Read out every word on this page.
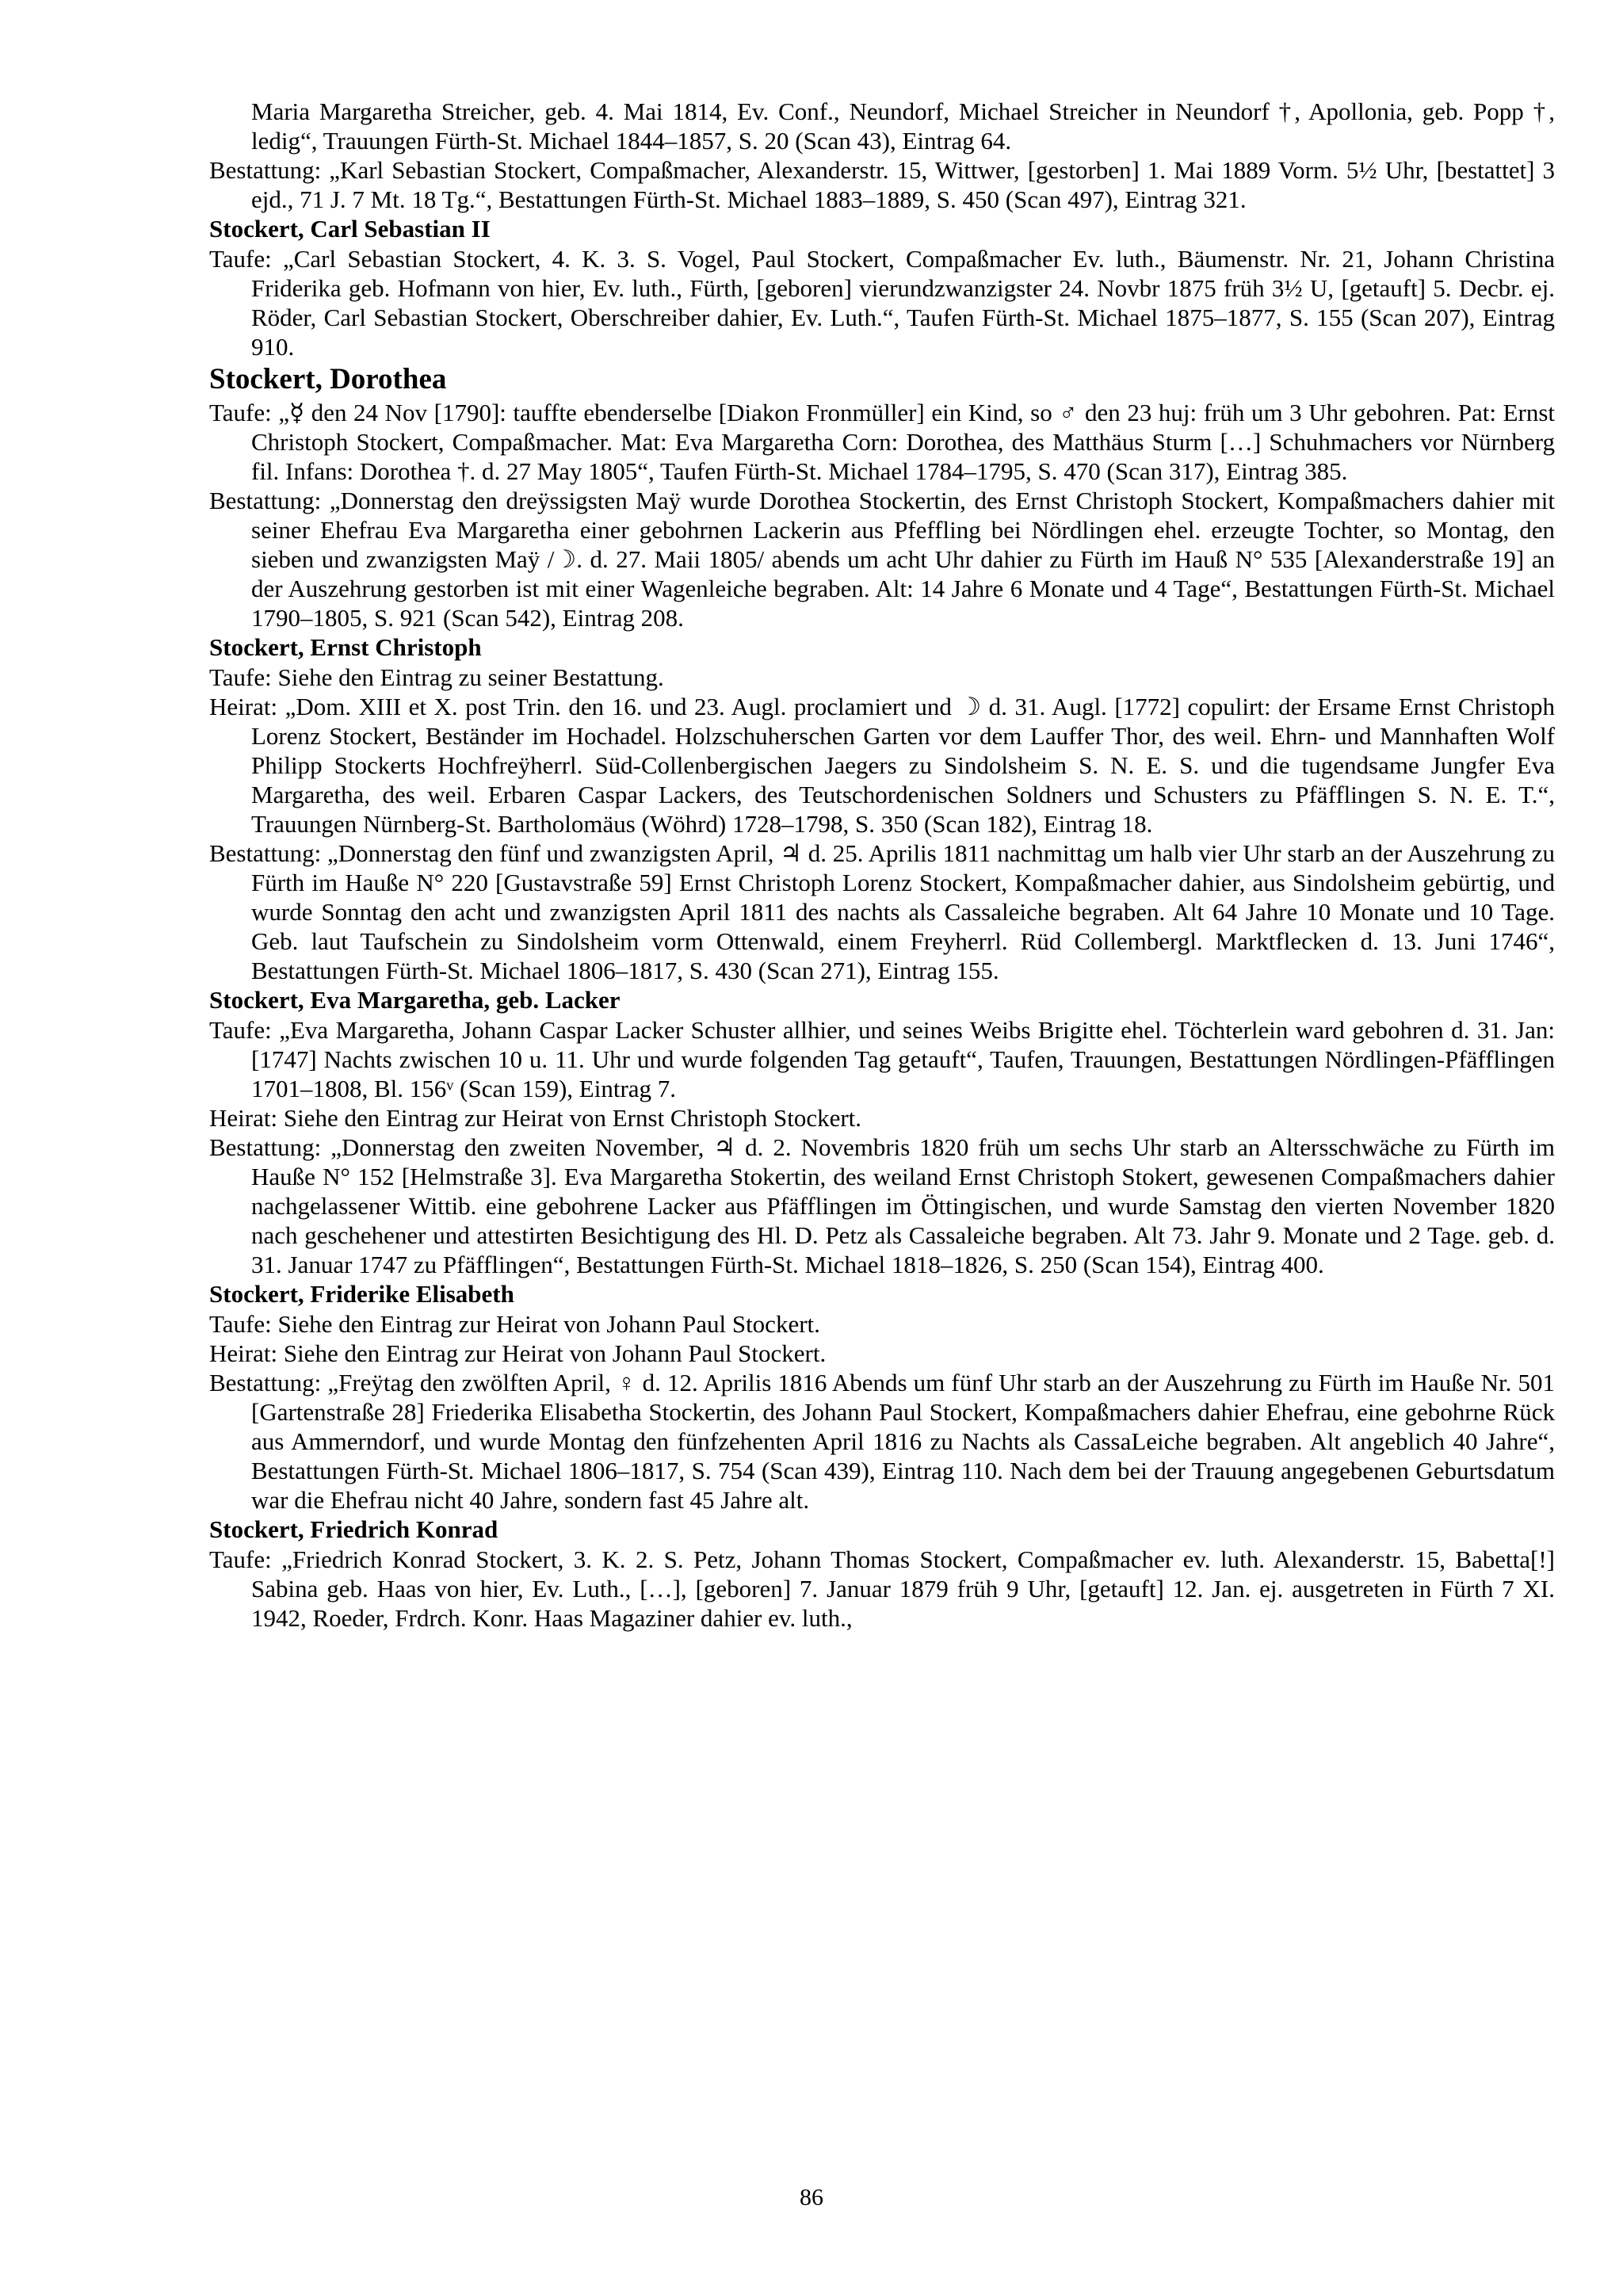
Maria Margaretha Streicher, geb. 4. Mai 1814, Ev. Conf., Neundorf, Michael Streicher in Neundorf †, Apollonia, geb. Popp †, ledig“, Trauungen Fürth-St. Michael 1844–1857, S. 20 (Scan 43), Eintrag 64.

Bestattung: „Karl Sebastian Stockert, Compaßmacher, Alexanderstr. 15, Wittwer, [gestorben] 1. Mai 1889 Vorm. 5½ Uhr, [bestattet] 3 ejd., 71 J. 7 Mt. 18 Tg.“, Bestattungen Fürth-St. Michael 1883–1889, S. 450 (Scan 497), Eintrag 321.

Stockert, Carl Sebastian II

Taufe: „Carl Sebastian Stockert, 4. K. 3. S. Vogel, Paul Stockert, Compaßmacher Ev. luth., Bäumenstr. Nr. 21, Johann Christina Friderika geb. Hofmann von hier, Ev. luth., Fürth, [geboren] vierundzwanzigster 24. Novbr 1875 früh 3½ U, [getauft] 5. Decbr. ej. Röder, Carl Sebastian Stockert, Oberschreiber dahier, Ev. Luth.“, Taufen Fürth-St. Michael 1875–1877, S. 155 (Scan 207), Eintrag 910.

Stockert, Dorothea

Taufe: „☿ den 24 Nov [1790]: tauffte ebenderselbe [Diakon Fronmüller] ein Kind, so ♂ den 23 huj: früh um 3 Uhr gebohren. Pat: Ernst Christoph Stockert, Compaßmacher. Mat: Eva Margaretha Corn: Dorothea, des Matthäus Sturm […] Schuhmachers vor Nürnberg fil. Infans: Dorothea †. d. 27 May 1805“, Taufen Fürth-St. Michael 1784–1795, S. 470 (Scan 317), Eintrag 385.

Bestattung: „Donnerstag den dreÿssigsten Maÿ wurde Dorothea Stockertin, des Ernst Christoph Stockert, Kompaßmachers dahier mit seiner Ehefrau Eva Margaretha einer gebohrnen Lackerin aus Pfeffling bei Nördlingen ehel. erzeugte Tochter, so Montag, den sieben und zwanzigsten Maÿ /☽. d. 27. Maii 1805/ abends um acht Uhr dahier zu Fürth im Hauß N° 535 [Alexanderstraße 19] an der Auszehrung gestorben ist mit einer Wagenleiche begraben. Alt: 14 Jahre 6 Monate und 4 Tage“, Bestattungen Fürth-St. Michael 1790–1805, S. 921 (Scan 542), Eintrag 208.

Stockert, Ernst Christoph

Taufe: Siehe den Eintrag zu seiner Bestattung.

Heirat: „Dom. XIII et X. post Trin. den 16. und 23. Augl. proclamiert und ☽ d. 31. Augl. [1772] copulirt: der Ersame Ernst Christoph Lorenz Stockert, Beständer im Hochadel. Holzschuherschen Garten vor dem Lauffer Thor, des weil. Ehrn- und Mannhaften Wolf Philipp Stockerts Hochfreÿherrl. Süd-Collenbergischen Jaegers zu Sindolsheim S. N. E. S. und die tugendsame Jungfer Eva Margaretha, des weil. Erbaren Caspar Lackers, des Teutschordenischen Soldners und Schusters zu Pfäfflingen S. N. E. T.“, Trauungen Nürnberg-St. Bartholomäus (Wöhrd) 1728–1798, S. 350 (Scan 182), Eintrag 18.

Bestattung: „Donnerstag den fünf und zwanzigsten April, ♃ d. 25. Aprilis 1811 nachmittag um halb vier Uhr starb an der Auszehrung zu Fürth im Hauße N° 220 [Gustavstraße 59] Ernst Christoph Lorenz Stockert, Kompaßmacher dahier, aus Sindolsheim gebürtig, und wurde Sonntag den acht und zwanzigsten April 1811 des nachts als Cassaleiche begraben. Alt 64 Jahre 10 Monate und 10 Tage. Geb. laut Taufschein zu Sindolsheim vorm Ottenwald, einem Freyherrl. Rüd Collembergl. Marktflecken d. 13. Juni 1746“, Bestattungen Fürth-St. Michael 1806–1817, S. 430 (Scan 271), Eintrag 155.

Stockert, Eva Margaretha, geb. Lacker

Taufe: „Eva Margaretha, Johann Caspar Lacker Schuster allhier, und seines Weibs Brigitte ehel. Töchterlein ward gebohren d. 31. Jan: [1747] Nachts zwischen 10 u. 11. Uhr und wurde folgenden Tag getauft“, Taufen, Trauungen, Bestattungen Nördlingen-Pfäfflingen 1701–1808, Bl. 156ᵛ (Scan 159), Eintrag 7.

Heirat: Siehe den Eintrag zur Heirat von Ernst Christoph Stockert.

Bestattung: „Donnerstag den zweiten November, ♃ d. 2. Novembris 1820 früh um sechs Uhr starb an Altersschwäche zu Fürth im Hauße N° 152 [Helmstraße 3]. Eva Margaretha Stokertin, des weiland Ernst Christoph Stokert, gewesenen Compaßmachers dahier nachgelassener Wittib. eine gebohrene Lacker aus Pfäfflingen im Öttingischen, und wurde Samstag den vierten November 1820 nach geschehener und attestirten Besichtigung des Hl. D. Petz als Cassaleiche begraben. Alt 73. Jahr 9. Monate und 2 Tage. geb. d. 31. Januar 1747 zu Pfäfflingen“, Bestattungen Fürth-St. Michael 1818–1826, S. 250 (Scan 154), Eintrag 400.

Stockert, Friderike Elisabeth

Taufe: Siehe den Eintrag zur Heirat von Johann Paul Stockert.

Heirat: Siehe den Eintrag zur Heirat von Johann Paul Stockert.

Bestattung: „Freÿtag den zwölften April, ♀ d. 12. Aprilis 1816 Abends um fünf Uhr starb an der Auszehrung zu Fürth im Hauße Nr. 501 [Gartenstraße 28] Friederika Elisabetha Stockertin, des Johann Paul Stockert, Kompaßmachers dahier Ehefrau, eine gebohrne Rück aus Ammerndorf, und wurde Montag den fünfzehenten April 1816 zu Nachts als CassaLeiche begraben. Alt angeblich 40 Jahre“, Bestattungen Fürth-St. Michael 1806–1817, S. 754 (Scan 439), Eintrag 110. Nach dem bei der Trauung angegebenen Geburtsdatum war die Ehefrau nicht 40 Jahre, sondern fast 45 Jahre alt.

Stockert, Friedrich Konrad

Taufe: „Friedrich Konrad Stockert, 3. K. 2. S. Petz, Johann Thomas Stockert, Compaßmacher ev. luth. Alexanderstr. 15, Babetta[!] Sabina geb. Haas von hier, Ev. Luth., […], [geboren] 7. Januar 1879 früh 9 Uhr, [getauft] 12. Jan. ej. ausgetreten in Fürth 7 XI. 1942, Roeder, Frdrch. Konr. Haas Magaziner dahier ev. luth.,

86
